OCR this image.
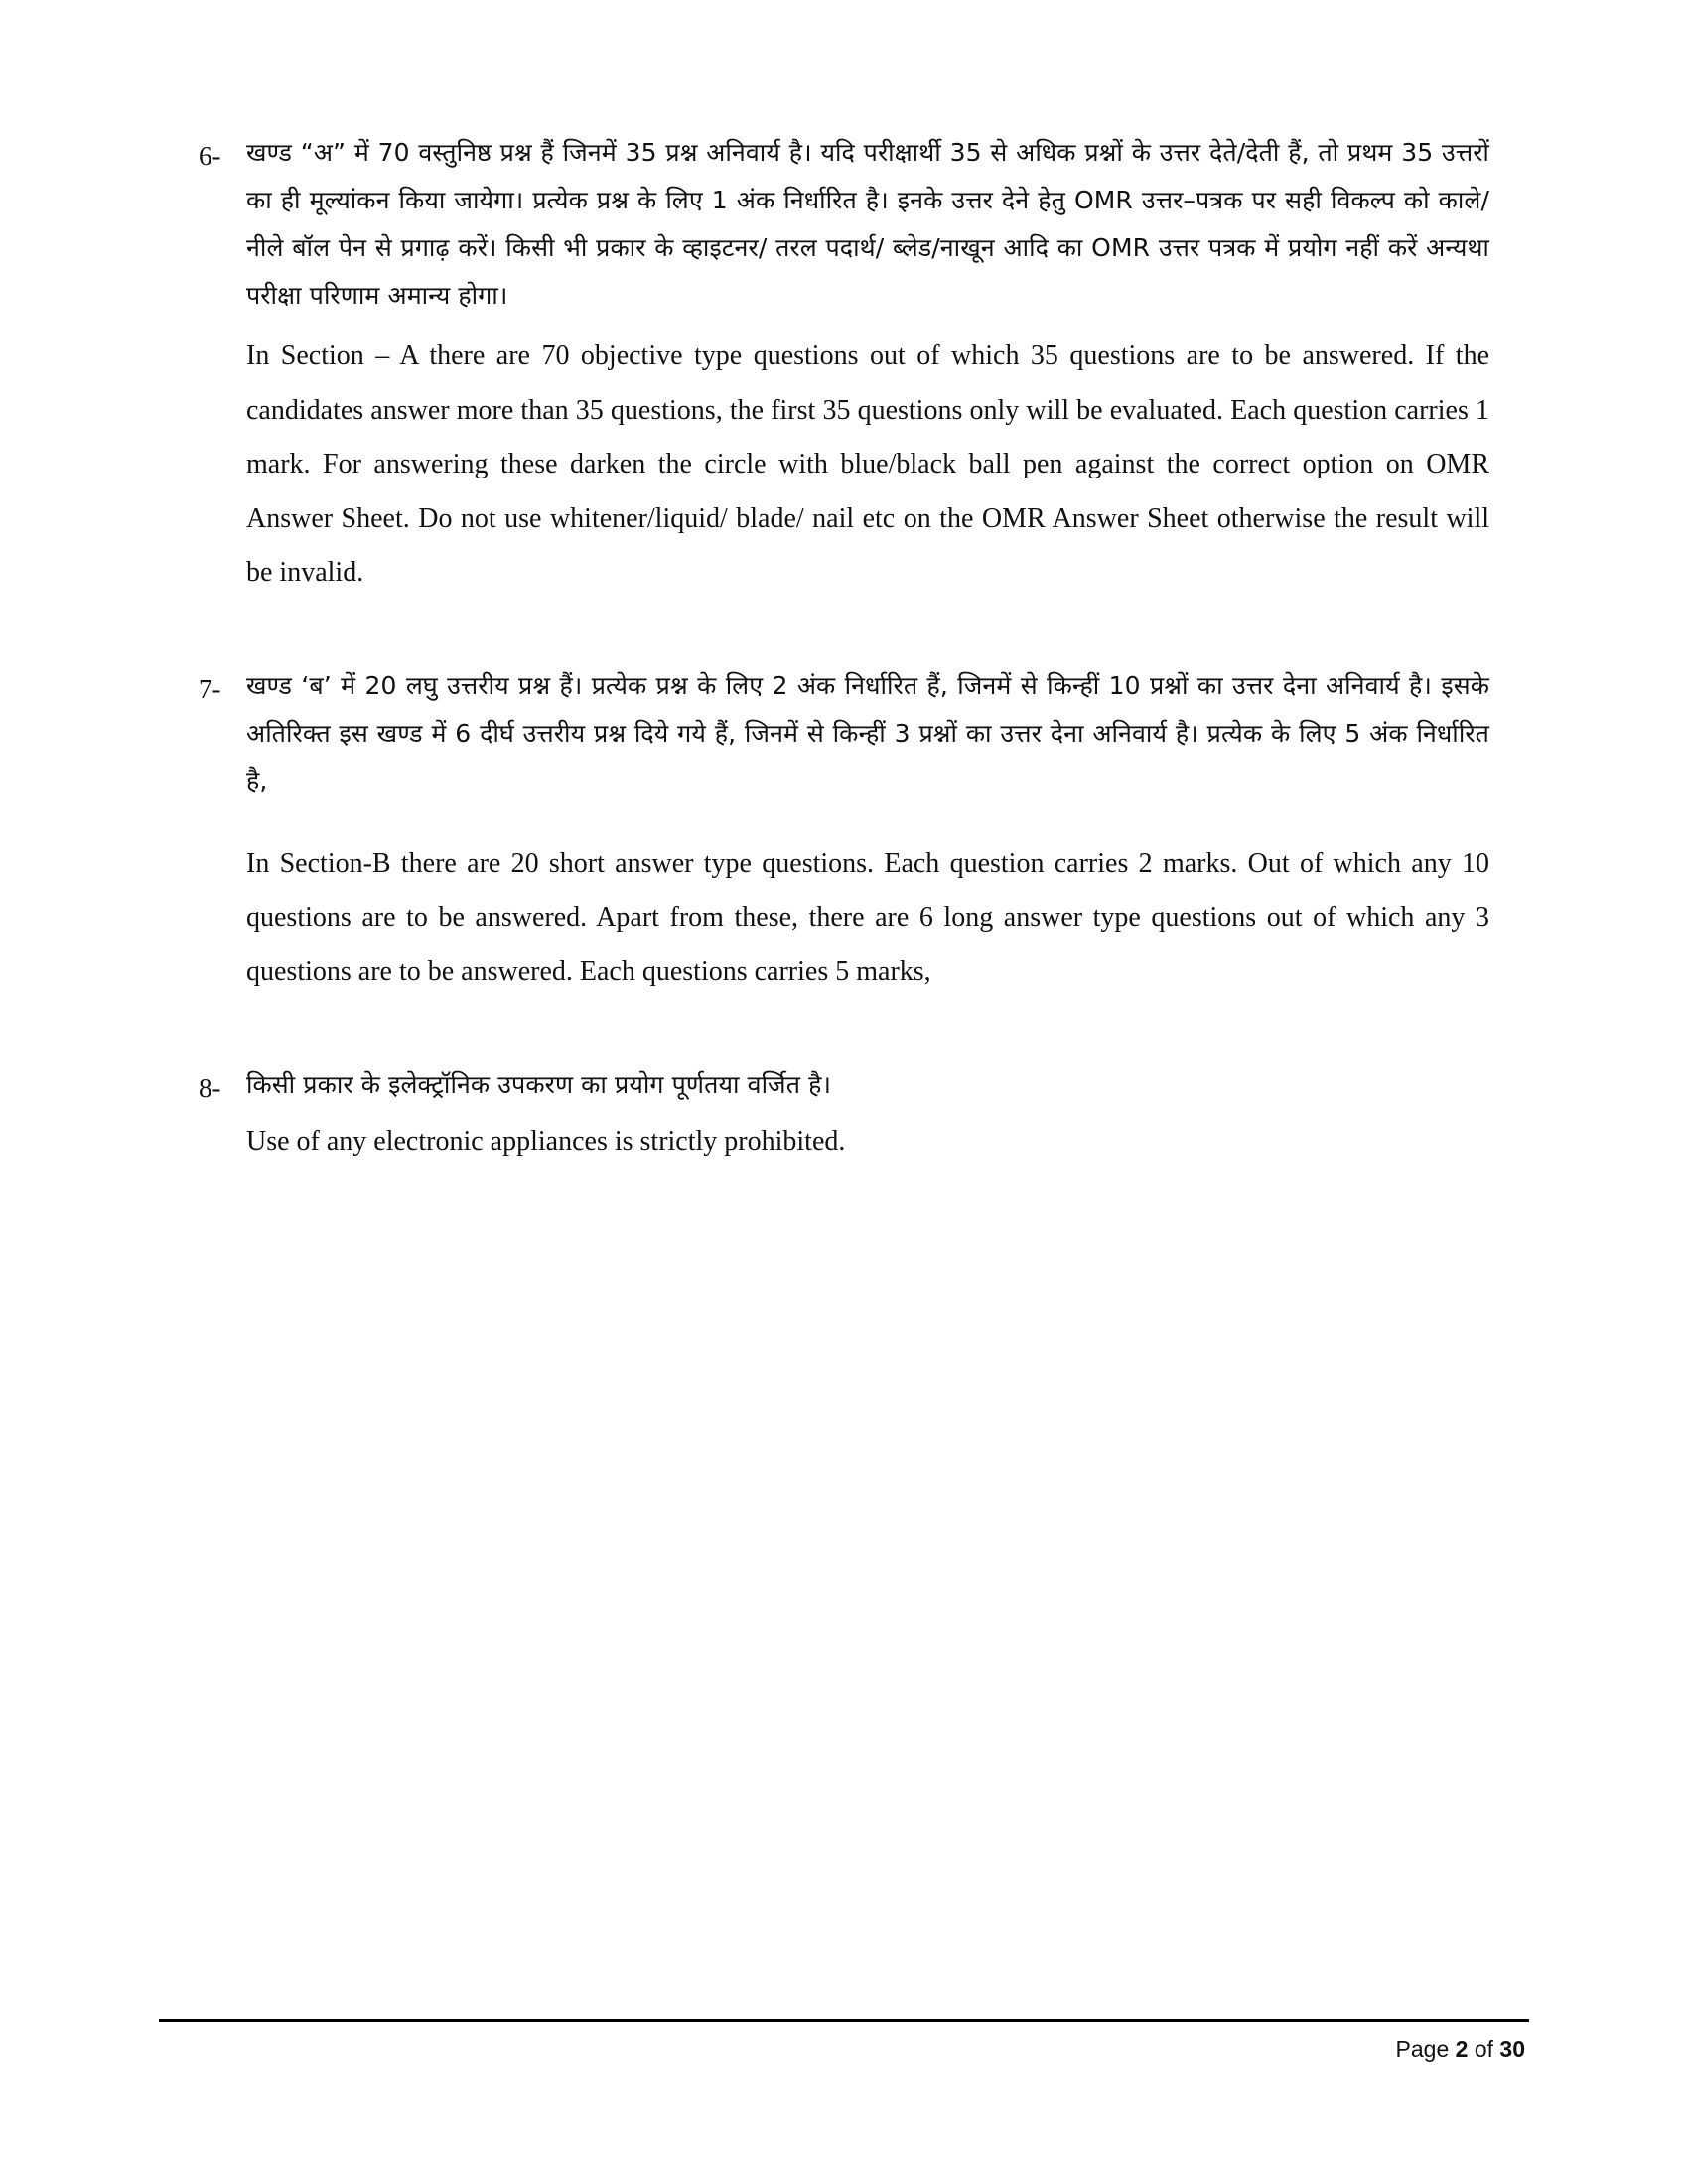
6-	खण्ड “अ” में 70 वस्तुनिष्ठ प्रश्न हैं जिनमें 35 प्रश्न अनिवार्य है। यदि परीक्षार्थी 35 से अधिक प्रश्नों के उत्तर देते/देती हैं, तो प्रथम 35 उत्तरों का ही मूल्यांकन किया जायेगा। प्रत्येक प्रश्न के लिए 1 अंक निर्धारित है। इनके उत्तर देने हेतु OMR उत्तर–पत्रक पर सही विकल्प को काले/नीले बॉल पेन से प्रगाढ़ करें। किसी भी प्रकार के व्हाइटनर/ तरल पदार्थ/ ब्लेड/नाखून आदि का OMR उत्तर पत्रक में प्रयोग नहीं करें अन्यथा परीक्षा परिणाम अमान्य होगा।

In Section – A there are 70 objective type questions out of which 35 questions are to be answered. If the candidates answer more than 35 questions, the first 35 questions only will be evaluated. Each question carries 1 mark. For answering these darken the circle with blue/black ball pen against the correct option on OMR Answer Sheet. Do not use whitener/liquid/ blade/ nail etc on the OMR Answer Sheet otherwise the result will be invalid.

7-	खण्ड ‘ब’ में 20 लघु उत्तरीय प्रश्न हैं। प्रत्येक प्रश्न के लिए 2 अंक निर्धारित हैं, जिनमें से किन्हीं 10 प्रश्नों का उत्तर देना अनिवार्य है। इसके अतिरिक्त इस खण्ड में 6 दीर्घ उत्तरीय प्रश्न दिये गये हैं, जिनमें से किन्हीं 3 प्रश्नों का उत्तर देना अनिवार्य है। प्रत्येक के लिए 5 अंक निर्धारित है,

In Section-B there are 20 short answer type questions. Each question carries 2 marks. Out of which any 10 questions are to be answered. Apart from these, there are 6 long answer type questions out of which any 3 questions are to be answered. Each questions carries 5 marks,

8-	किसी प्रकार के इलेक्ट्रॉनिक उपकरण का प्रयोग पूर्णतया वर्जित है।

Use of any electronic appliances is strictly prohibited.

Page 2 of 30
